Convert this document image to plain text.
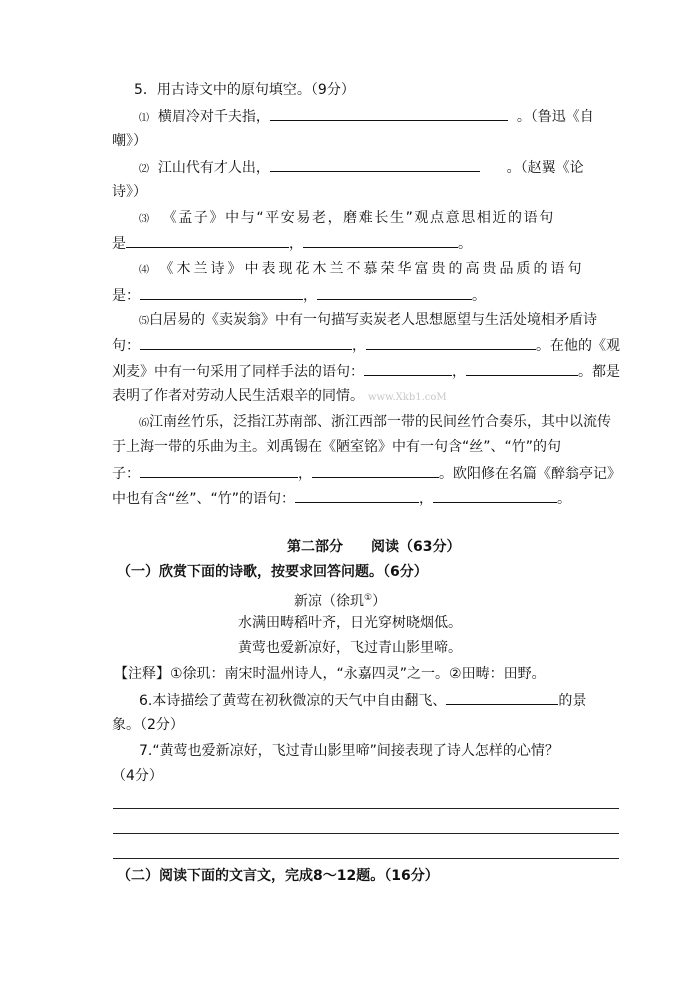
5．用古诗文中的原句填空。（9分）
⑴ 横眉冷对千夫指，	。（鲁迅《自
嘲》）
⑵ 江山代有才人出，	。（赵翼《论
诗》）
⑶ 《孟子》中与“平安易老，磨难长生”观点意思相近的语句
是	，	。
⑷ 《木兰诗》中表现花木兰不慕荣华富贵的高贵品质的语句
是：	，	。
⑸白居易的《卖炭翁》中有一句描写卖炭老人思想愿望与生活处境相矛盾诗
句：	，	。在他的《观
刈麦》中有一句采用了同样手法的语句：	，	。都是
表明了作者对劳动人民生活艰辛的同情。 www.Xkb1.coM
⑹江南丝竹乐，泛指江苏南部、浙江西部一带的民间丝竹合奏乐，其中以流传
于上海一带的乐曲为主。刘禹锡在《陋室铭》中有一句含“丝”、“竹”的句
子：	，	。欧阳修在名篇《醉翁亭记》
中也有含“丝”、“竹”的语句：	，	。
第二部分　　阅读（63分）
（一）欣赏下面的诗歌，按要求回答问题。（6分）
新凉（徐玑①）
水满田畴稻叶齐，日光穿树晓烟低。
黄莺也爱新凉好，飞过青山影里啼。
【注释】①徐玑：南宋时温州诗人，“永嘉四灵”之一。②田畴：田野。
6.本诗描绘了黄莺在初秋微凉的天气中自由翻飞、	的景
象。（2分）
7.“黄莺也爱新凉好，飞过青山影里啼”间接表现了诗人怎样的心情？
（4分）
（二）阅读下面的文言文，完成8～12题。（16分）
